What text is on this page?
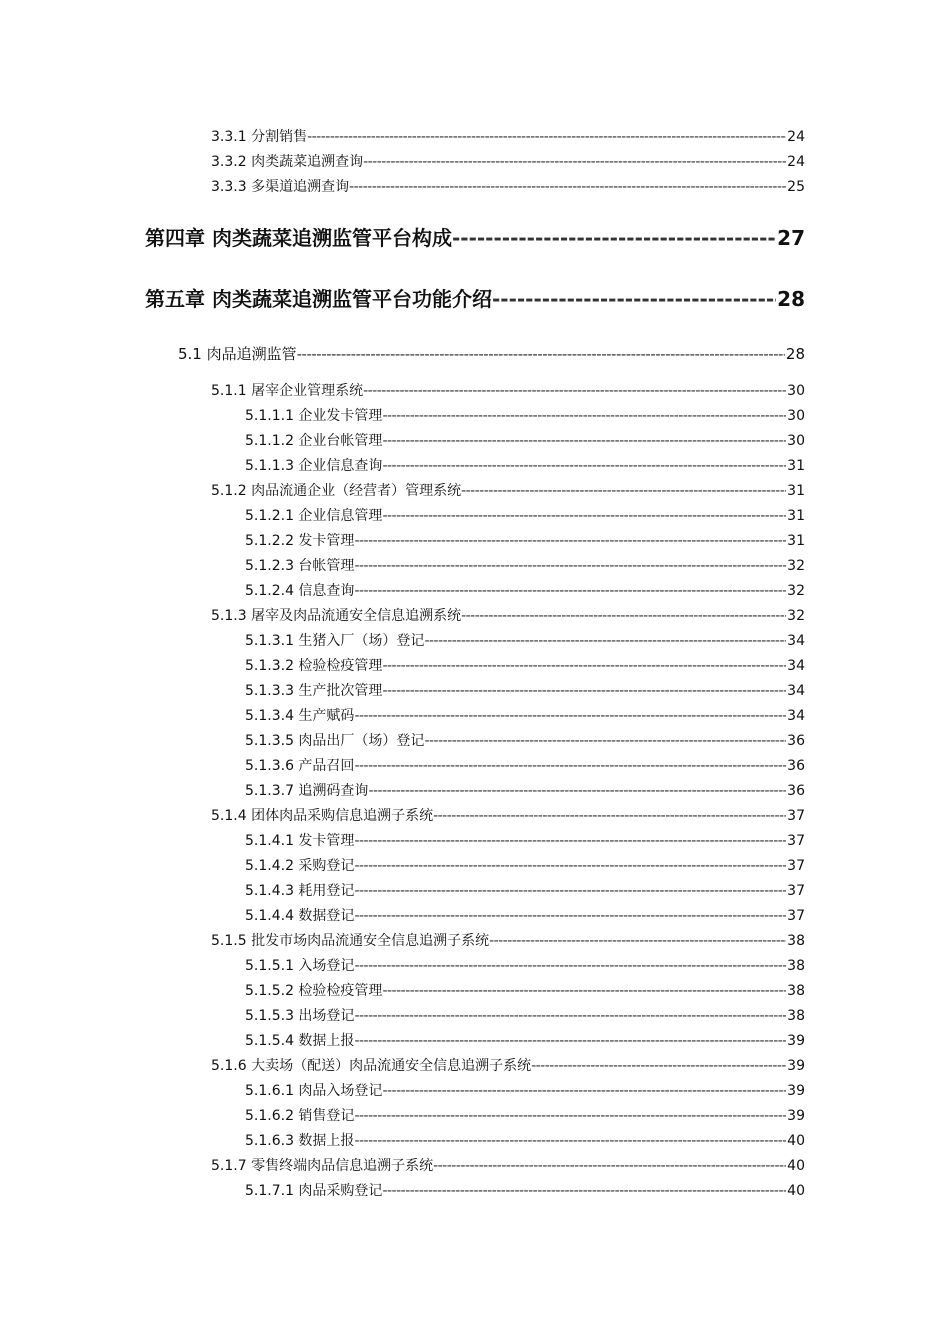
3.3.1 分割销售 -----	24
3.3.2 肉类蔬菜追溯查询 -----	24
3.3.3 多渠道追溯查询 -----	25
第四章 肉类蔬菜追溯监管平台构成 -----	27
第五章 肉类蔬菜追溯监管平台功能介绍 -----	28
5.1 肉品追溯监管 -----	28
5.1.1 屠宰企业管理系统 -----	30
5.1.1.1 企业发卡管理 -----	30
5.1.1.2 企业台帐管理 -----	30
5.1.1.3 企业信息查询 -----	31
5.1.2 肉品流通企业（经营者）管理系统 -----	31
5.1.2.1 企业信息管理 -----	31
5.1.2.2 发卡管理 -----	31
5.1.2.3 台帐管理 -----	32
5.1.2.4 信息查询 -----	32
5.1.3 屠宰及肉品流通安全信息追溯系统 -----	32
5.1.3.1 生猪入厂（场）登记 -----	34
5.1.3.2 检验检疫管理 -----	34
5.1.3.3 生产批次管理 -----	34
5.1.3.4 生产赋码 -----	34
5.1.3.5 肉品出厂（场）登记 -----	36
5.1.3.6 产品召回 -----	36
5.1.3.7 追溯码查询 -----	36
5.1.4 团体肉品采购信息追溯子系统 -----	37
5.1.4.1 发卡管理 -----	37
5.1.4.2 采购登记 -----	37
5.1.4.3 耗用登记 -----	37
5.1.4.4 数据登记 -----	37
5.1.5 批发市场肉品流通安全信息追溯子系统 -----	38
5.1.5.1 入场登记 -----	38
5.1.5.2 检验检疫管理 -----	38
5.1.5.3 出场登记 -----	38
5.1.5.4 数据上报 -----	39
5.1.6 大卖场（配送）肉品流通安全信息追溯子系统 -----	39
5.1.6.1 肉品入场登记 -----	39
5.1.6.2 销售登记 -----	39
5.1.6.3 数据上报 -----	40
5.1.7 零售终端肉品信息追溯子系统 -----	40
5.1.7.1 肉品采购登记 -----	40
